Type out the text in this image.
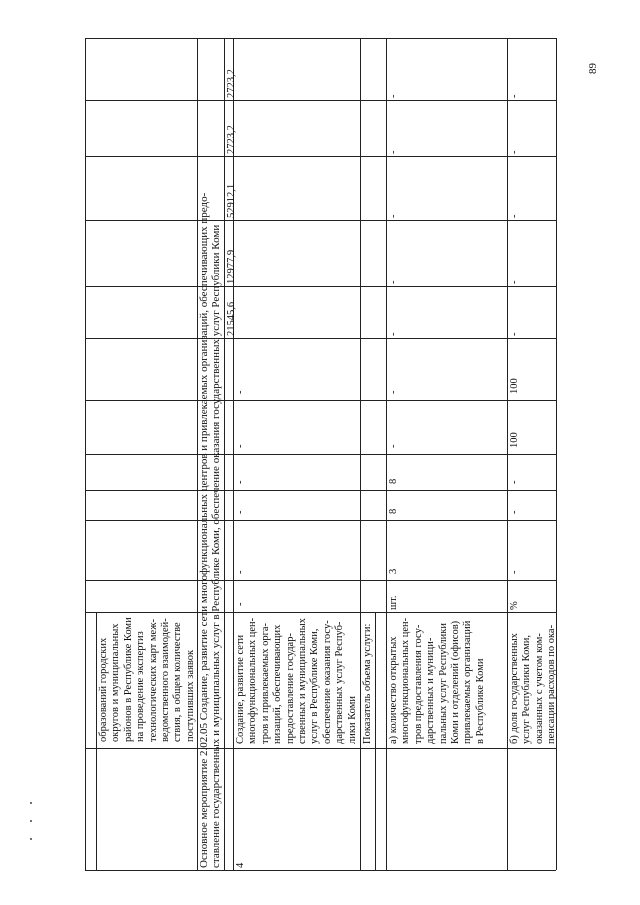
образований городских округов и муниципальных районов в Республике Коми на проведение экспертиз технологических карт меж- ведомственного взаимодей- ствия, в общем количестве поступивших заявок Основное мероприятие 2.02.05 Создание, развитие сети многофункциональных центров и привлекаемых организаций, обеспечивающих предо- ставление государственных и муниципальных услуг в Республике Коми, обеспечение оказания государственных услуг Республики Коми 4
Создание, развитие сети многофункциональных цен- тров и привлекаемых орга- низаций, обеспечивающих предоставление государ- ственных и муниципальных услуг в Республике Коми, обеспечение оказания госу- дарственных услуг Респуб- лики Коми
-
-
-
-
-
-
21545,6
12977,9
52912,1
2723,2
2723,2
Показатель объема услуги: а) количество открытых многофункциональных цен- тров предоставления госу- дарственных и муници- пальных услуг Республики Коми и отделений (офисов) привлекаемых организаций в Республике Коми
шт.
3
8
8
-
-
-
-
-
-
-
б) доля государственных услуг Республики Коми, оказанных с учетом ком- пенсации расходов по ока-
%
-
-
-
100
100
-
-
-
-
-
89
